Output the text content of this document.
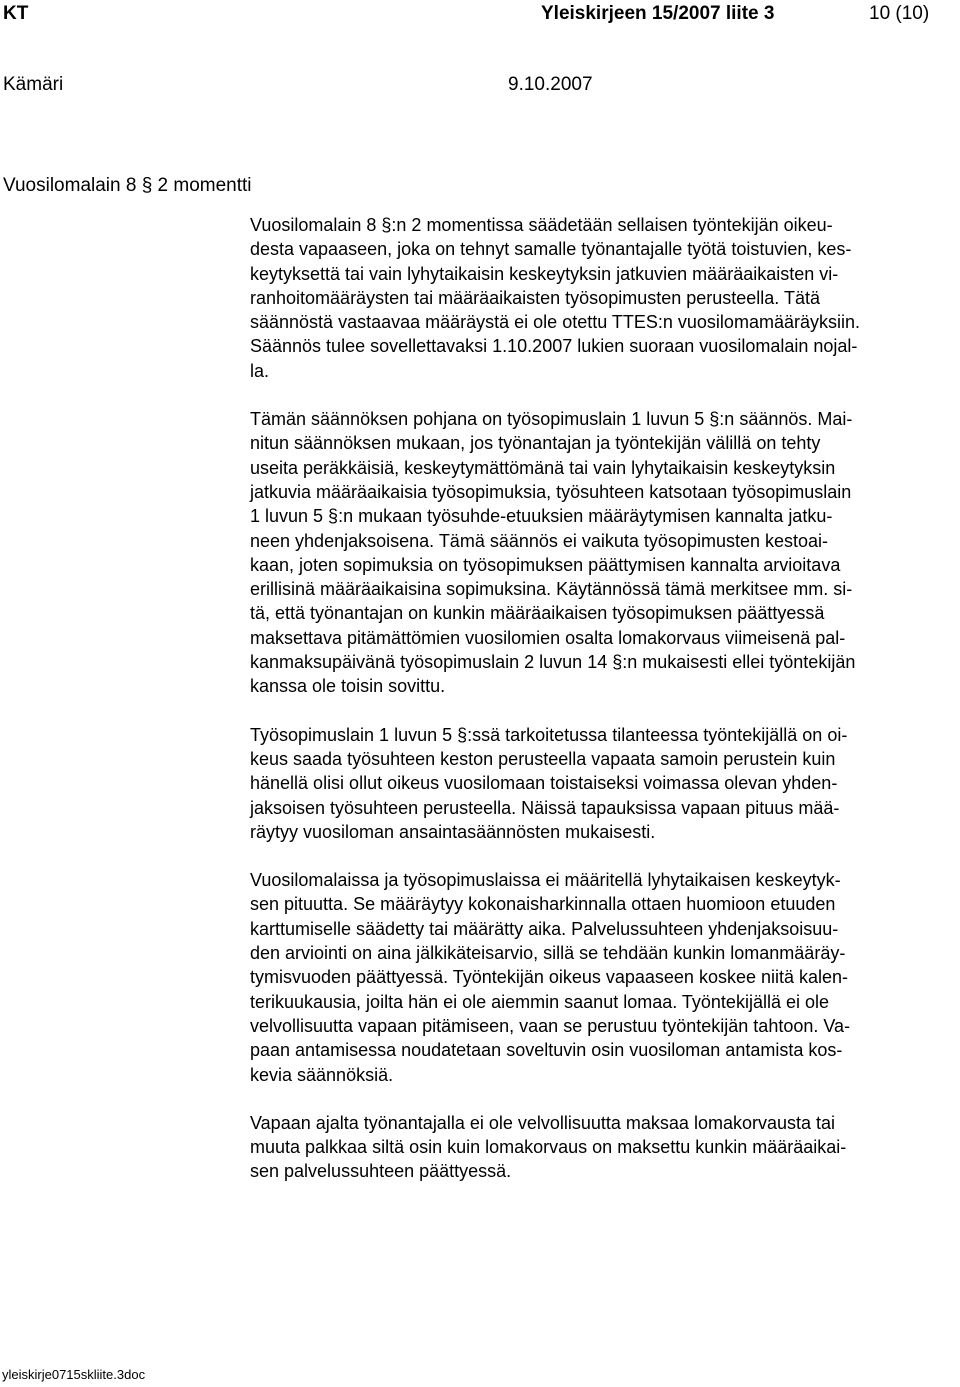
KT	Yleiskirjeen 15/2007 liite 3	10 (10)
Kämäri	9.10.2007
Vuosilomalain 8 § 2 momentti

Vuosilomalain 8 §:n 2 momentissa säädetään sellaisen työntekijän oikeu-
desta vapaaseen, joka on tehnyt samalle työnantajalle työtä toistuvien, kes-
keytyksettä tai vain lyhytaikaisin keskeytyksin jatkuvien määräaikaisten vi-
ranhoitomääräysten tai määräaikaisten työsopimusten perusteella. Tätä
säännöstä vastaavaa määräystä ei ole otettu TTES:n vuosilomamääräyksiin.
Säännös tulee sovellettavaksi 1.10.2007 lukien suoraan vuosilomalain nojal-
la.

Tämän säännöksen pohjana on työsopimuslain 1 luvun 5 §:n säännös. Mai-
nitun säännöksen mukaan, jos työnantajan ja työntekijän välillä on tehty
useita peräkkäisiä, keskeytymättömänä tai vain lyhytaikaisin keskeytyksin
jatkuvia määräaikaisia työsopimuksia, työsuhteen katsotaan työsopimuslain
1 luvun 5 §:n mukaan työsuhde-etuuksien määräytymisen kannalta jatku-
neen yhdenjaksoisena. Tämä säännös ei vaikuta työsopimusten kestoai-
kaan, joten sopimuksia on työsopimuksen päättymisen kannalta arvioitava
erillisinä määräaikaisina sopimuksina. Käytännössä tämä merkitsee mm. si-
tä, että työnantajan on kunkin määräaikaisen työsopimuksen päättyessä
maksettava pitämättömien vuosilomien osalta lomakorvaus viimeisenä pal-
kanmaksupäivänä työsopimuslain 2 luvun 14 §:n mukaisesti ellei työntekijän
kanssa ole toisin sovittu.

Työsopimuslain 1 luvun 5 §:ssä tarkoitetussa tilanteessa työntekijällä on oi-
keus saada työsuhteen keston perusteella vapaata samoin perustein kuin
hänellä olisi ollut oikeus vuosilomaan toistaiseksi voimassa olevan yhden-
jaksoisen työsuhteen perusteella. Näissä tapauksissa vapaan pituus mää-
räytyy vuosiloman ansaintasäännösten mukaisesti.

Vuosilomalaissa ja työsopimuslaissa ei määritellä lyhytaikaisen keskeytyk-
sen pituutta. Se määräytyy kokonaisharkinnalla ottaen huomioon etuuden
karttumiselle säädetty tai määrätty aika. Palvelussuhteen yhdenjaksoisuu-
den arviointi on aina jälkikäteisarvio, sillä se tehdään kunkin lomanmääräy-
tymisvuoden päättyessä. Työntekijän oikeus vapaaseen koskee niitä kalen-
terikuukausia, joilta hän ei ole aiemmin saanut lomaa. Työntekijällä ei ole
velvollisuutta vapaan pitämiseen, vaan se perustuu työntekijän tahtoon. Va-
paan antamisessa noudatetaan soveltuvin osin vuosiloman antamista kos-
kevia säännöksiä.

Vapaan ajalta työnantajalla ei ole velvollisuutta maksaa lomakorvausta tai
muuta palkkaa siltä osin kuin lomakorvaus on maksettu kunkin määräaikai-
sen palvelussuhteen päättyessä.

yleiskirje0715skliite.3doc
